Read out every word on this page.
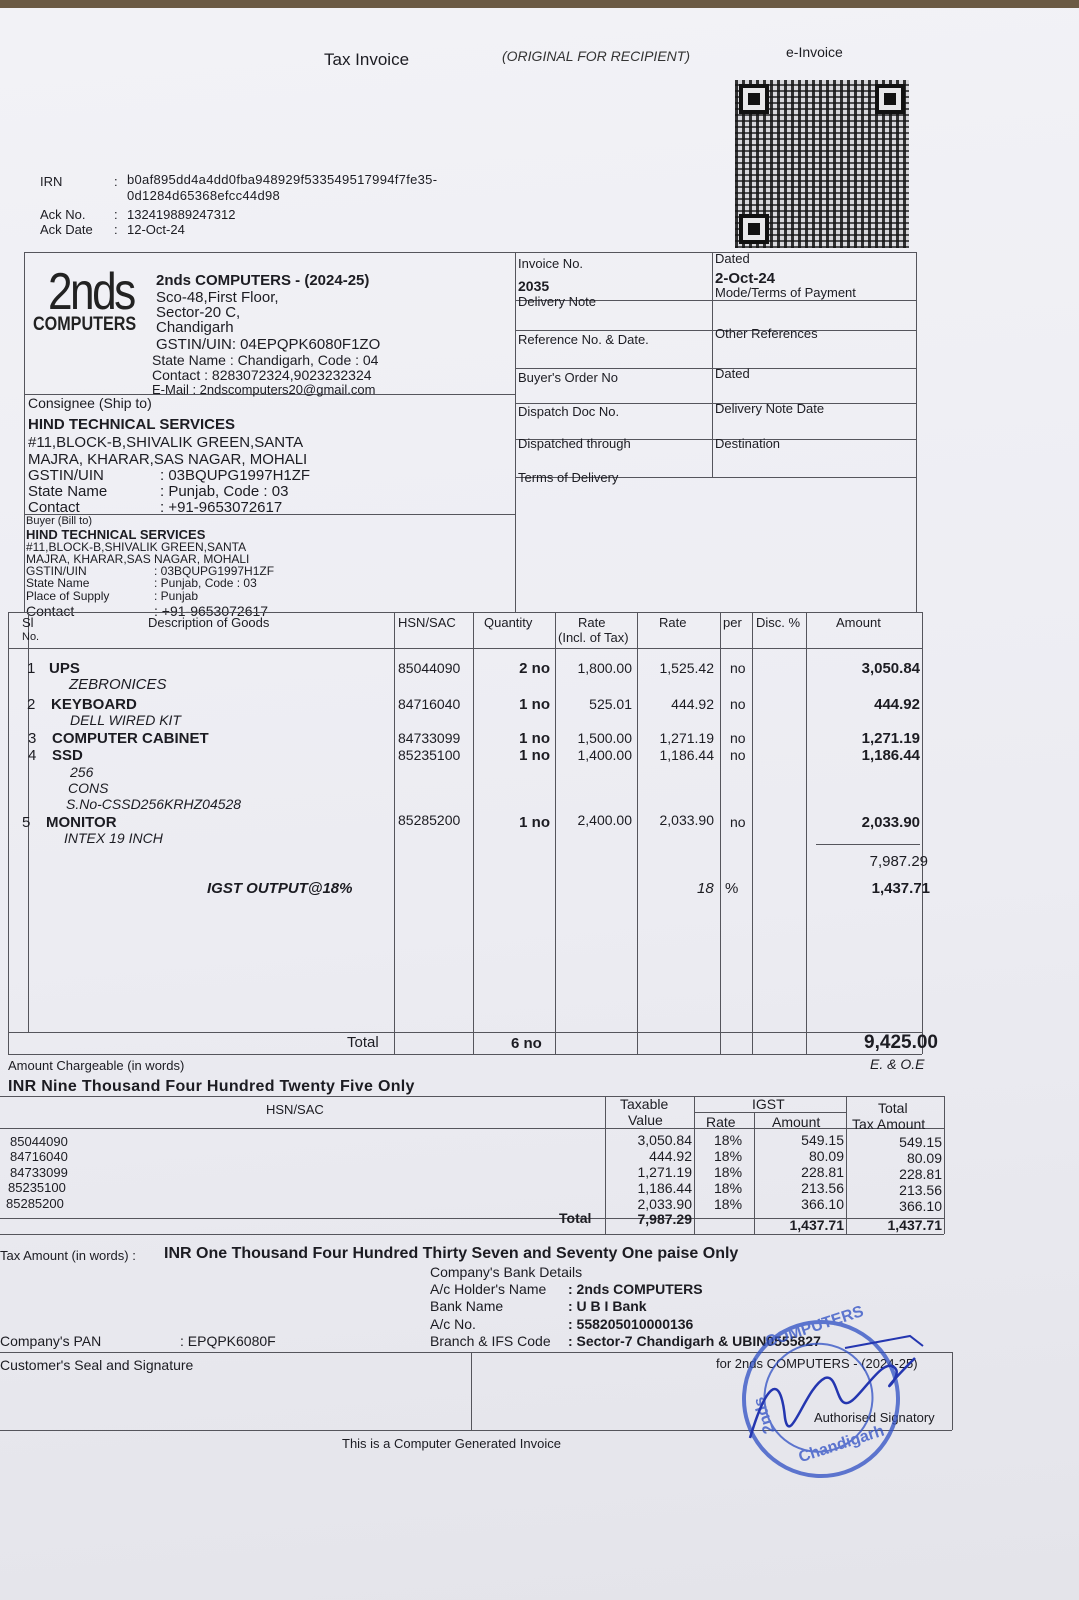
Tax Invoice	(ORIGINAL FOR RECIPIENT)	e-Invoice
IRN	: b0af895dd4a4dd0fba948929f533549517994f7fe35-
0d1284d65368efcc44d98
Ack No. : 132419889247312
Ack Date : 12-Oct-24
2nds
COMPUTERS
2nds COMPUTERS - (2024-25)
Sco-48,First Floor,
Sector-20 C,
Chandigarh
GSTIN/UIN: 04EPQPK6080F1ZO
State Name : Chandigarh, Code : 04
Contact : 8283072324,9023232324
E-Mail : 2ndscomputers20@gmail.com
Consignee (Ship to)
HIND TECHNICAL SERVICES
#11,BLOCK-B,SHIVALIK GREEN,SANTA
MAJRA, KHARAR,SAS NAGAR, MOHALI
GSTIN/UIN	: 03BQUPG1997H1ZF
State Name	: Punjab, Code : 03
Contact	: +91-9653072617
Buyer (Bill to)
HIND TECHNICAL SERVICES
#11,BLOCK-B,SHIVALIK GREEN,SANTA
MAJRA, KHARAR,SAS NAGAR, MOHALI
GSTIN/UIN	: 03BQUPG1997H1ZF
State Name	: Punjab, Code : 03
Place of Supply	: Punjab
Contact	: +91-9653072617
Invoice No.
2035
Dated
2-Oct-24
Delivery Note
Mode/Terms of Payment
Reference No. & Date.	Other References
Buyer's Order No	Dated
Dispatch Doc No.	Delivery Note Date
Dispatched through	Destination
Terms of Delivery
Sl
No.
Description of Goods	HSN/SAC Quantity	Rate
(Incl. of Tax)
Rate	per Disc. %	Amount
1 UPS
ZEBRONICES
85044090	2 no	1,800.00	1,525.42 no	3,050.84
2 KEYBOARD
DELL WIRED KIT
84716040	1 no	525.01	444.92 no	444.92
3 COMPUTER CABINET	84733099	1 no	1,500.00	1,271.19 no	1,271.19
4 SSD
256
CONS
S.No-CSSD256KRHZ04528
85235100	1 no	1,400.00	1,186.44 no	1,186.44
5 MONITOR
INTEX 19 INCH
85285200	1 no	2,400.00	2,033.90 no	2,033.90
7,987.29
IGST OUTPUT@18%	18 %	1,437.71
Total	6 no	9,425.00
E. & O.E
Amount Chargeable (in words)
INR Nine Thousand Four Hundred Twenty Five Only
HSN/SAC	Taxable
Value
IGST
Rate	Amount
Total
Tax Amount
85044090	3,050.84 18%	549.15	549.15
84716040	444.92 18%	80.09	80.09
84733099	1,271.19 18%	228.81	228.81
85235100	1,186.44 18%	213.56	213.56
85285200	2,033.90 18%	366.10	366.10
Total	7,987.29	1,437.71	1,437.71
Tax Amount (in words) : INR One Thousand Four Hundred Thirty Seven and Seventy One paise Only
Company's Bank Details
A/c Holder's Name : 2nds COMPUTERS
Bank Name	: U B I Bank
A/c No.	: 558205010000136
Branch & IFS Code : Sector-7 Chandigarh & UBIN0555827
Company's PAN	: EPQPK6080F
Customer's Seal and Signature	for 2nds COMPUTERS - (2024-25)
Authorised Signatory
This is a Computer Generated Invoice
COMPUTERS
Chandigarh
2nds
